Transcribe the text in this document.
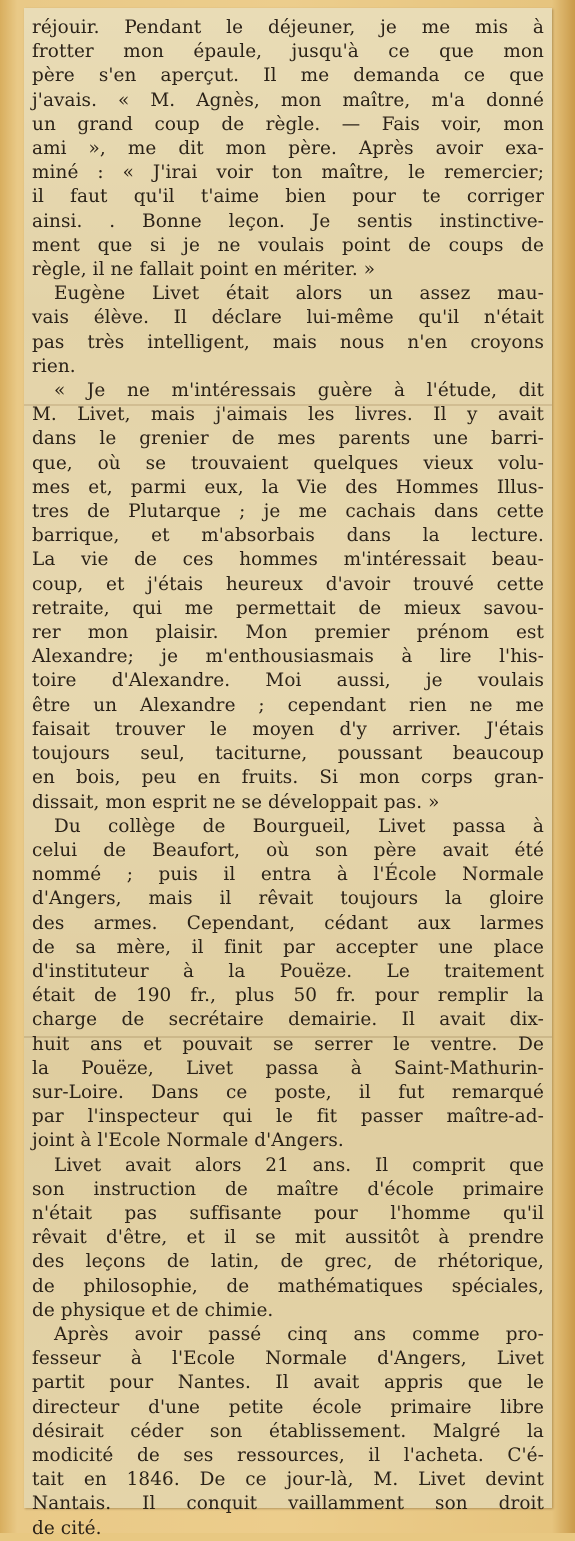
réjouir. Pendant le déjeuner, je me mis à

frotter mon épaule, jusqu'à ce que mon

père s'en aperçut. Il me demanda ce que

j'avais. « M. Agnès, mon maître, m'a donné

un grand coup de règle. — Fais voir, mon

ami », me dit mon père. Après avoir exa-

miné : « J'irai voir ton maître, le remercier;

il faut qu'il t'aime bien pour te corriger

ainsi. . Bonne leçon. Je sentis instinctive-

ment que si je ne voulais point de coups de

règle, il ne fallait point en mériter. »

Eugène Livet était alors un assez mau-

vais élève. Il déclare lui-même qu'il n'était

pas très intelligent, mais nous n'en croyons

rien.

« Je ne m'intéressais guère à l'étude, dit

M. Livet, mais j'aimais les livres. Il y avait

dans le grenier de mes parents une barri-

que, où se trouvaient quelques vieux volu-

mes et, parmi eux, la Vie des Hommes Illus-

tres de Plutarque ; je me cachais dans cette

barrique, et m'absorbais dans la lecture.

La vie de ces hommes m'intéressait beau-

coup, et j'étais heureux d'avoir trouvé cette

retraite, qui me permettait de mieux savou-

rer mon plaisir. Mon premier prénom est

Alexandre; je m'enthousiasmais à lire l'his-

toire d'Alexandre. Moi aussi, je voulais

être un Alexandre ; cependant rien ne me

faisait trouver le moyen d'y arriver. J'étais

toujours seul, taciturne, poussant beaucoup

en bois, peu en fruits. Si mon corps gran-

dissait, mon esprit ne se développait pas. »

Du collège de Bourgueil, Livet passa à

celui de Beaufort, où son père avait été

nommé ; puis il entra à l'École Normale

d'Angers, mais il rêvait toujours la gloire

des armes. Cependant, cédant aux larmes

de sa mère, il finit par accepter une place

d'instituteur à la Pouëze. Le traitement

était de 190 fr., plus 50 fr. pour remplir la

charge de secrétaire demairie. Il avait dix-

huit ans et pouvait se serrer le ventre. De

la Pouëze, Livet passa à Saint-Mathurin-

sur-Loire. Dans ce poste, il fut remarqué

par l'inspecteur qui le fit passer maître-ad-

joint à l'Ecole Normale d'Angers.

Livet avait alors 21 ans. Il comprit que

son instruction de maître d'école primaire

n'était pas suffisante pour l'homme qu'il

rêvait d'être, et il se mit aussitôt à prendre

des leçons de latin, de grec, de rhétorique,

de philosophie, de mathématiques spéciales,

de physique et de chimie.

Après avoir passé cinq ans comme pro-

fesseur à l'Ecole Normale d'Angers, Livet

partit pour Nantes. Il avait appris que le

directeur d'une petite école primaire libre

désirait céder son établissement. Malgré la

modicité de ses ressources, il l'acheta. C'é-

tait en 1846. De ce jour-là, M. Livet devint

Nantais. Il conquit vaillamment son droit

de cité.
